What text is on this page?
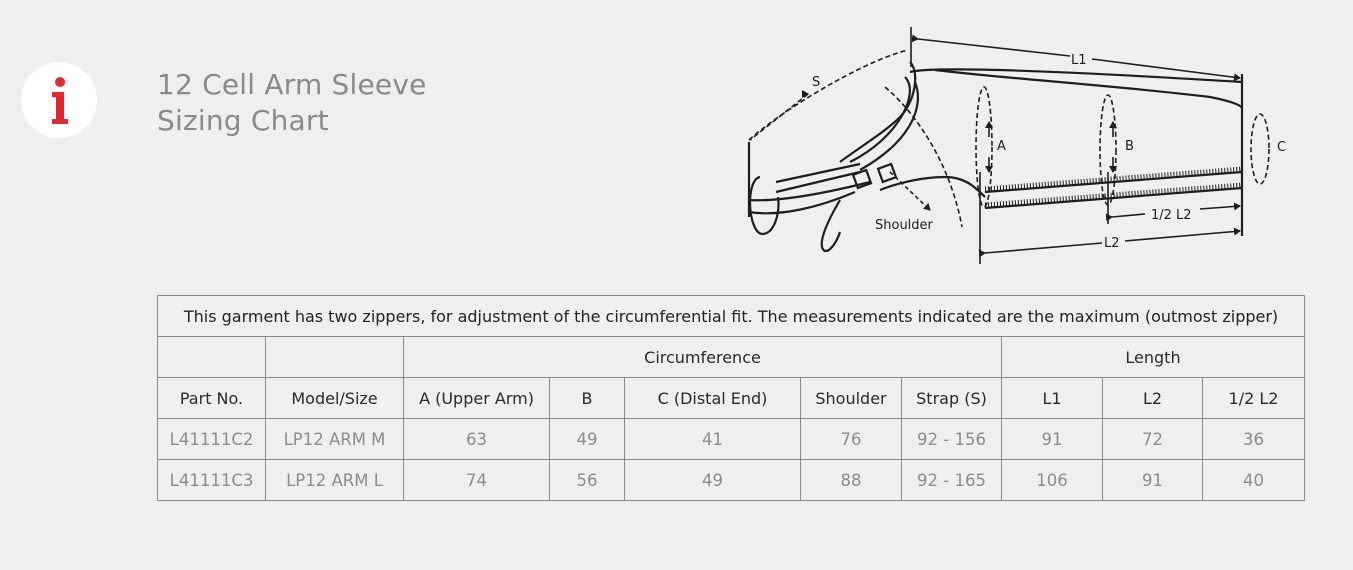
12 Cell Arm Sleeve
Sizing Chart
L1
S
A	B	C
Shoulder
1/2 L2
L2
This garment has two zippers, for adjustment of the circumferential fit. The measurements indicated are the maximum (outmost zipper)									
		Circumference					Length		
Part No.	Model/Size	A (Upper Arm)	B	C (Distal End)	Shoulder	Strap (S)	L1	L2	1/2 L2
L41111C2	LP12 ARM M	63	49	41	76	92 - 156	91	72	36
L41111C3	LP12 ARM L	74	56	49	88	92 - 165	106	91	40
